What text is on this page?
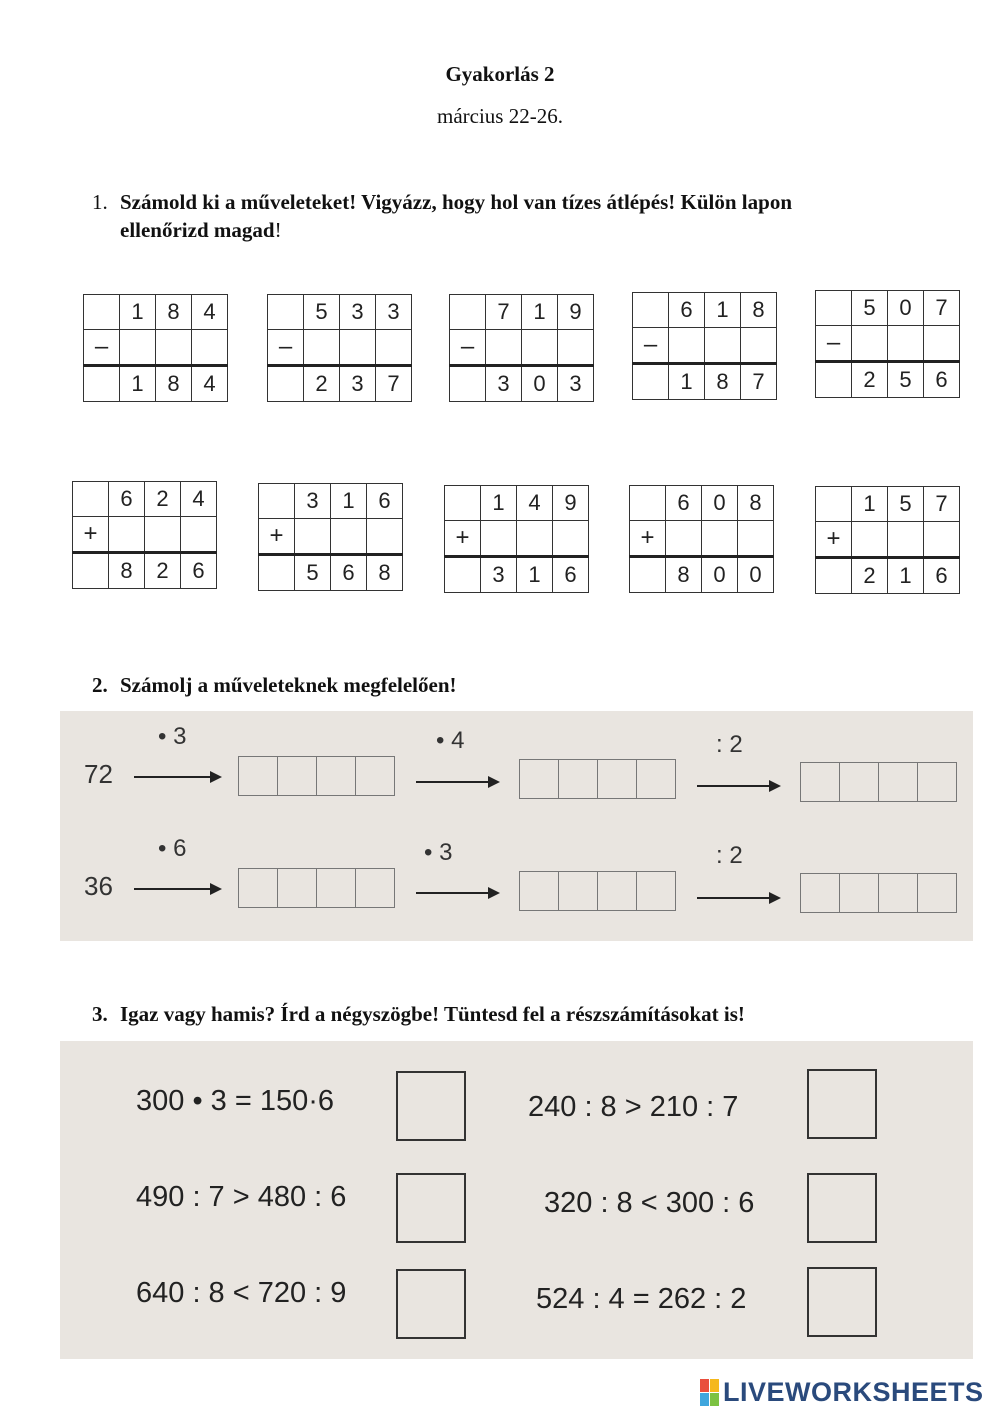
Gyakorlás 2
március 22-26.
1. Számold ki a műveleteket! Vigyázz, hogy hol van tízes átlépés! Külön lapon
ellenőrizd magad!
	1	8	4
–			
	1	8	4
	5	3	3
–			
	2	3	7
	7	1	9
–			
	3	0	3
	6	1	8
–			
	1	8	7
	5	0	7
–			
	2	5	6
	6	2	4
+			
	8	2	6
	3	1	6
+			
	5	6	8
	1	4	9
+			
	3	1	6
	6	0	8
+			
	8	0	0
	1	5	7
+			
	2	1	6
2. Számolj a műveleteknek megfelelően!
72
• 3	• 4	: 2
36
• 6	• 3	: 2
3. Igaz vagy hamis? Írd a négyszögbe! Tüntesd fel a részszámításokat is!
300 • 3 = 150·6	240 : 8 > 210 : 7
490 : 7 > 480 : 6	320 : 8 < 300 : 6
640 : 8 < 720 : 9	524 : 4 = 262 : 2
LIVEWORKSHEETS
